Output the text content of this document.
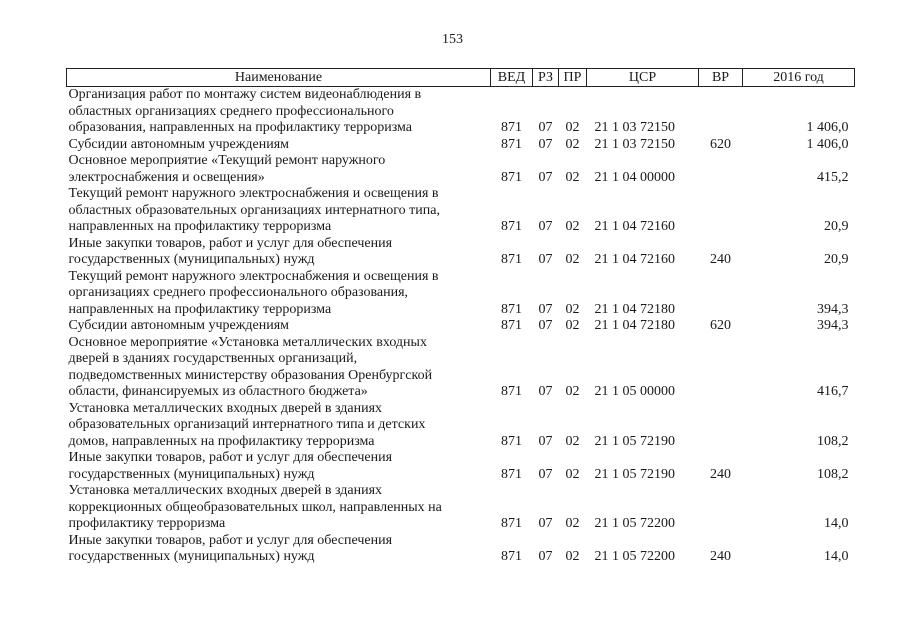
153
Наименование	ВЕД	РЗ	ПР	ЦСР	ВР	2016 год

Организация работ по монтажу систем видеонаблюдения в
областных организациях среднего профессионального
образования, направленных на профилактику терроризма	871	07	02	21 1 03 72150		1 406,0

Субсидии автономным учреждениям	871	07	02	21 1 03 72150	620	1 406,0

Основное мероприятие «Текущий ремонт наружного
электроснабжения и освещения»	871	07	02	21 1 04 00000		415,2

Текущий ремонт наружного электроснабжения и освещения в
областных образовательных организациях интернатного типа,
направленных на профилактику терроризма	871	07	02	21 1 04 72160		20,9

Иные закупки товаров, работ и услуг для обеспечения
государственных (муниципальных) нужд	871	07	02	21 1 04 72160	240	20,9

Текущий ремонт наружного электроснабжения и освещения в
организациях среднего профессионального образования,
направленных на профилактику терроризма	871	07	02	21 1 04 72180		394,3

Субсидии автономным учреждениям	871	07	02	21 1 04 72180	620	394,3

Основное мероприятие «Установка металлических входных
дверей в зданиях государственных организаций,
подведомственных министерству образования Оренбургской
области, финансируемых из областного бюджета»	871	07	02	21 1 05 00000		416,7

Установка металлических входных дверей в зданиях
образовательных организаций интернатного типа и детских
домов, направленных на профилактику терроризма	871	07	02	21 1 05 72190		108,2

Иные закупки товаров, работ и услуг для обеспечения
государственных (муниципальных) нужд	871	07	02	21 1 05 72190	240	108,2

Установка металлических входных дверей в зданиях
коррекционных общеобразовательных школ, направленных на
профилактику терроризма	871	07	02	21 1 05 72200		14,0

Иные закупки товаров, работ и услуг для обеспечения
государственных (муниципальных) нужд	871	07	02	21 1 05 72200	240	14,0
